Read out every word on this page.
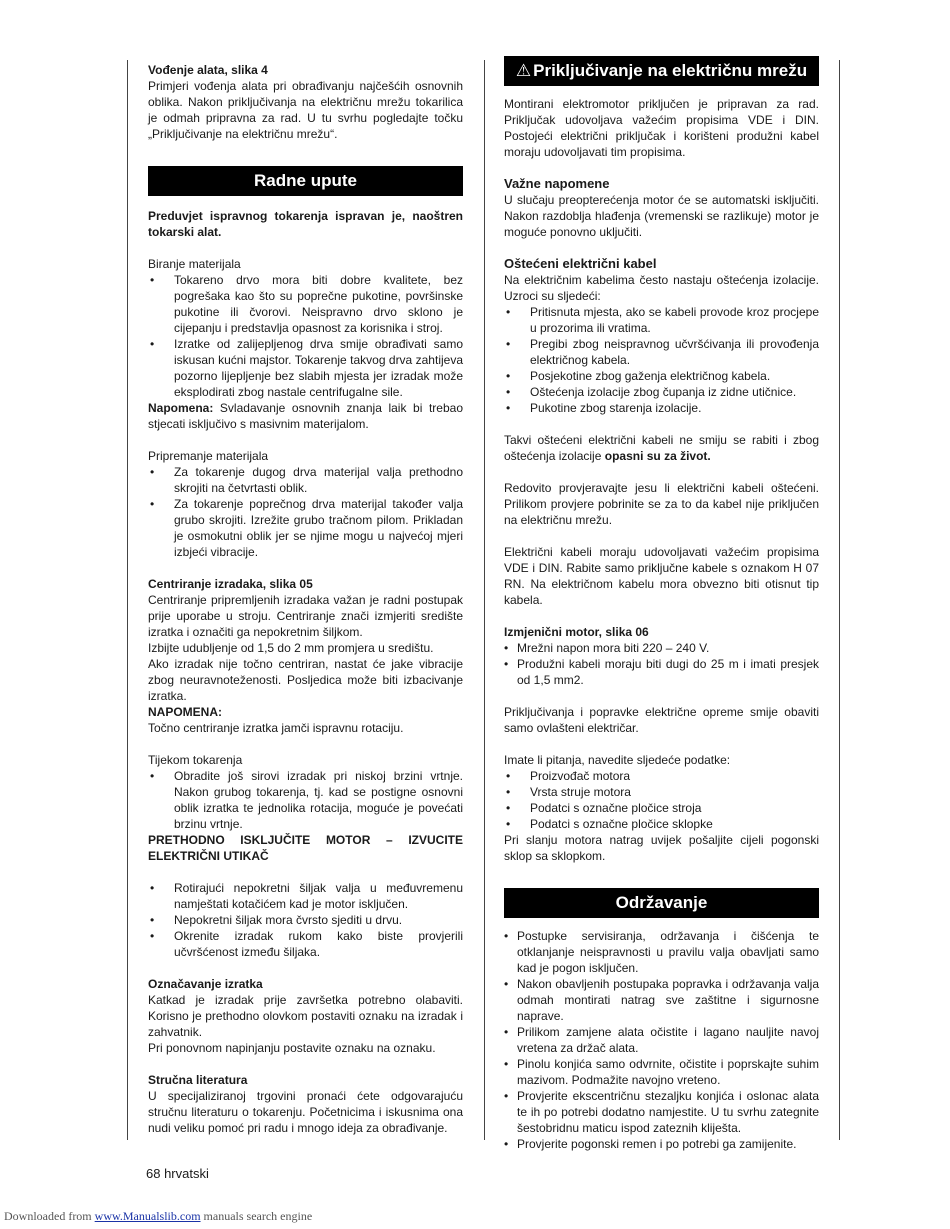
Vođenje alata, slika 4

Primjeri vođenja alata pri obrađivanju najčešćih osnovnih oblika. Nakon priključivanja na električnu mrežu tokarilica je odmah pripravna za rad. U tu svrhu pogledajte točku „Priključivanje na električnu mrežu“.

Radne upute

Preduvjet ispravnog tokarenja ispravan je, naoštren tokarski alat.

Biranje materijala
• Tokareno drvo mora biti dobre kvalitete, bez pogrešaka kao što su poprečne pukotine, površinske pukotine ili čvorovi. Neispravno drvo sklono je cijepanju i predstavlja opasnost za korisnika i stroj.
• Izratke od zalijepljenog drva smije obrađivati samo iskusan kućni majstor. Tokarenje takvog drva zahtijeva pozorno lijepljenje bez slabih mjesta jer izradak može eksplodirati zbog nastale centrifugalne sile.

Napomena: Svladavanje osnovnih znanja laik bi trebao stjecati isključivo s masivnim materijalom.

Pripremanje materijala
• Za tokarenje dugog drva materijal valja prethodno skrojiti na četvrtasti oblik.
• Za tokarenje poprečnog drva materijal također valja grubo skrojiti. Izrežite grubo tračnom pilom. Prikladan je osmokutni oblik jer se njime mogu u najvećoj mjeri izbjeći vibracije.
Centriranje izradaka, slika 05

Centriranje pripremljenih izradaka važan je radni postupak prije uporabe u stroju. Centriranje znači izmjeriti središte izratka i označiti ga nepokretnim šiljkom.

Izbijte udubljenje od 1,5 do 2 mm promjera u središtu.

Ako izradak nije točno centriran, nastat će jake vibracije zbog neuravnoteženosti. Posljedica može biti izbacivanje izratka.

NAPOMENA:

Točno centriranje izratka jamči ispravnu rotaciju.

Tijekom tokarenja
• Obradite još sirovi izradak pri niskoj brzini vrtnje. Nakon grubog tokarenja, tj. kad se postigne osnovni oblik izratka te jednolika rotacija, moguće je povećati brzinu vrtnje.

PRETHODNO ISKLJUČITE MOTOR – IZVUCITE ELEKTRIČNI UTIKAČ

• Rotirajući nepokretni šiljak valja u međuvremenu namještati kotačićem kad je motor isključen.
• Nepokretni šiljak mora čvrsto sjediti u drvu.
• Okrenite izradak rukom kako biste provjerili učvršćenost između šiljaka.
Označavanje izratka

Katkad je izradak prije završetka potrebno olabaviti. Korisno je prethodno olovkom postaviti oznaku na izradak i zahvatnik.

Pri ponovnom napinjanju postavite oznaku na oznaku.

Stručna literatura

U specijaliziranoj trgovini pronaći ćete odgovarajuću stručnu literaturu o tokarenju. Početnicima i iskusnima ona nudi veliku pomoć pri radu i mnogo ideja za obrađivanje.

⚠ Priključivanje na električnu mrežu

Montirani elektromotor priključen je pripravan za rad. Priključak udovoljava važećim propisima VDE i DIN. Postojeći električni priključak i korišteni produžni kabel moraju udovoljavati tim propisima.

Važne napomene

U slučaju preopterećenja motor će se automatski isključiti. Nakon razdoblja hlađenja (vremenski se razlikuje) motor je moguće ponovno uključiti.

Oštećeni električni kabel

Na električnim kabelima često nastaju oštećenja izolacije. Uzroci su sljedeći:

• Pritisnuta mjesta, ako se kabeli provode kroz procjepe u prozorima ili vratima.
• Pregibi zbog neispravnog učvršćivanja ili provođenja električnog kabela.
• Posjekotine zbog gaženja električnog kabela.
• Oštećenja izolacije zbog čupanja iz zidne utičnice.
• Pukotine zbog starenja izolacije.

Takvi oštećeni električni kabeli ne smiju se rabiti i zbog oštećenja izolacije opasni su za život.

Redovito provjeravajte jesu li električni kabeli oštećeni. Prilikom provjere pobrinite se za to da kabel nije priključen na električnu mrežu.

Električni kabeli moraju udovoljavati važećim propisima VDE i DIN. Rabite samo priključne kabele s oznakom H 07 RN. Na električnom kabelu mora obvezno biti otisnut tip kabela.

Izmjenični motor, slika 06
• Mrežni napon mora biti 220 – 240 V.
• Produžni kabeli moraju biti dugi do 25 m i imati presjek od 1,5 mm2.

Priključivanja i popravke električne opreme smije obaviti samo ovlašteni električar.

Imate li pitanja, navedite sljedeće podatke:

• Proizvođač motora
• Vrsta struje motora
• Podatci s označne pločice stroja
• Podatci s označne pločice sklopke

Pri slanju motora natrag uvijek pošaljite cijeli pogonski sklop sa sklopkom.

Održavanje
• Postupke servisiranja, održavanja i čišćenja te otklanjanje neispravnosti u pravilu valja obavljati samo kad je pogon isključen.
• Nakon obavljenih postupaka popravka i održavanja valja odmah montirati natrag sve zaštitne i sigurnosne naprave.
• Prilikom zamjene alata očistite i lagano nauljite navoj vretena za držač alata.
• Pinolu konjića samo odvrnite, očistite i poprskajte suhim mazivom. Podmažite navojno vreteno.
• Provjerite ekscentričnu stezaljku konjića i oslonac alata te ih po potrebi dodatno namjestite. U tu svrhu zategnite šestobridnu maticu ispod zateznih kliješta.
• Provjerite pogonski remen i po potrebi ga zamijenite.
68 hrvatski
Downloaded from www.Manualslib.com manuals search engine
